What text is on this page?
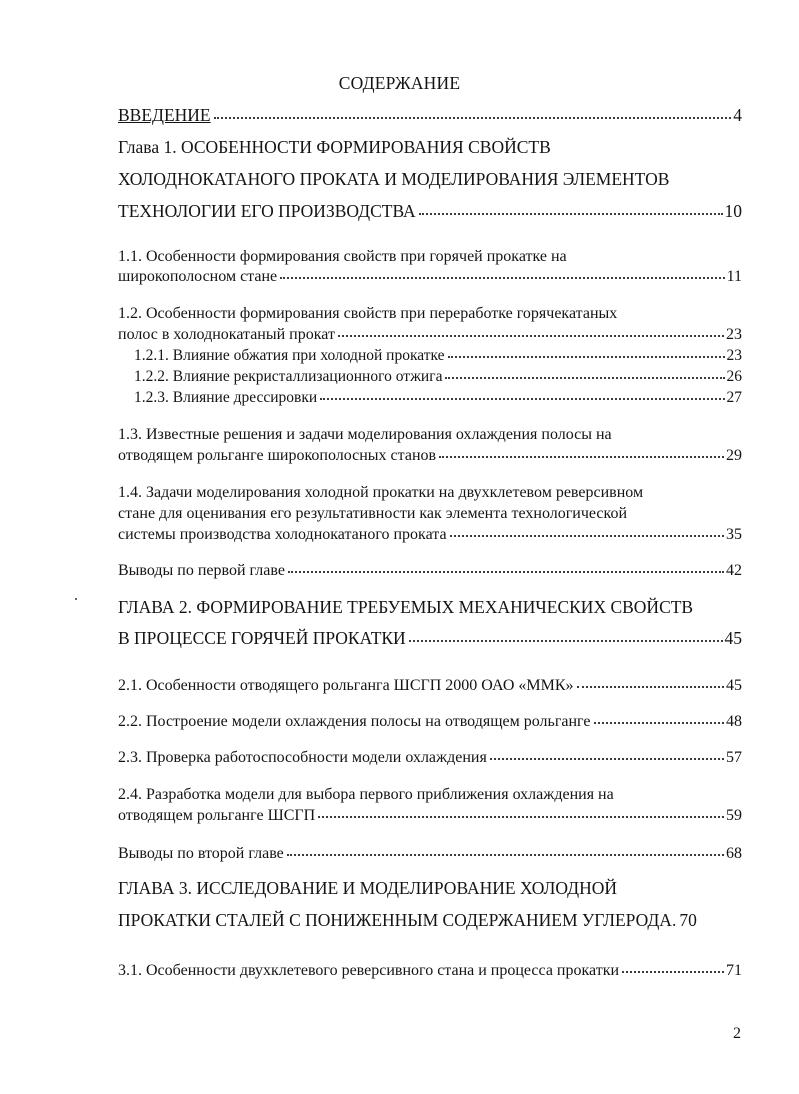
СОДЕРЖАНИЕ
ВВЕДЕНИЕ	4
Глава 1. ОСОБЕННОСТИ ФОРМИРОВАНИЯ СВОЙСТВ
ХОЛОДНОКАТАНОГО ПРОКАТА И МОДЕЛИРОВАНИЯ ЭЛЕМЕНТОВ
ТЕХНОЛОГИИ ЕГО ПРОИЗВОДСТВА	10
1.1. Особенности формирования свойств при горячей прокатке на
широкополосном стане	11
1.2. Особенности формирования свойств при переработке горячекатаных
полос в холоднокатаный прокат	23
1.2.1. Влияние обжатия при холодной прокатке	23
1.2.2. Влияние рекристаллизационного отжига	26
1.2.3. Влияние дрессировки	27
1.3. Известные решения и задачи моделирования охлаждения полосы на
отводящем рольганге широкополосных станов	29
1.4. Задачи моделирования холодной прокатки на двухклетевом реверсивном
стане для оценивания его результативности как элемента технологической
системы производства холоднокатаного проката	35
Выводы по первой главе	42
ГЛАВА 2. ФОРМИРОВАНИЕ ТРЕБУЕМЫХ МЕХАНИЧЕСКИХ СВОЙСТВ
В ПРОЦЕССЕ ГОРЯЧЕЙ ПРОКАТКИ	45
2.1. Особенности отводящего рольганга ШСГП 2000 ОАО «ММК»	45
2.2. Построение модели охлаждения полосы на отводящем рольганге	48
2.3. Проверка работоспособности модели охлаждения	57
2.4. Разработка модели для выбора первого приближения охлаждения на
отводящем рольганге ШСГП	59
Выводы по второй главе	68
ГЛАВА 3. ИССЛЕДОВАНИЕ И МОДЕЛИРОВАНИЕ ХОЛОДНОЙ
ПРОКАТКИ СТАЛЕЙ С ПОНИЖЕННЫМ СОДЕРЖАНИЕМ УГЛЕРОДА. 70
3.1. Особенности двухклетевого реверсивного стана и процесса прокатки	71
2
